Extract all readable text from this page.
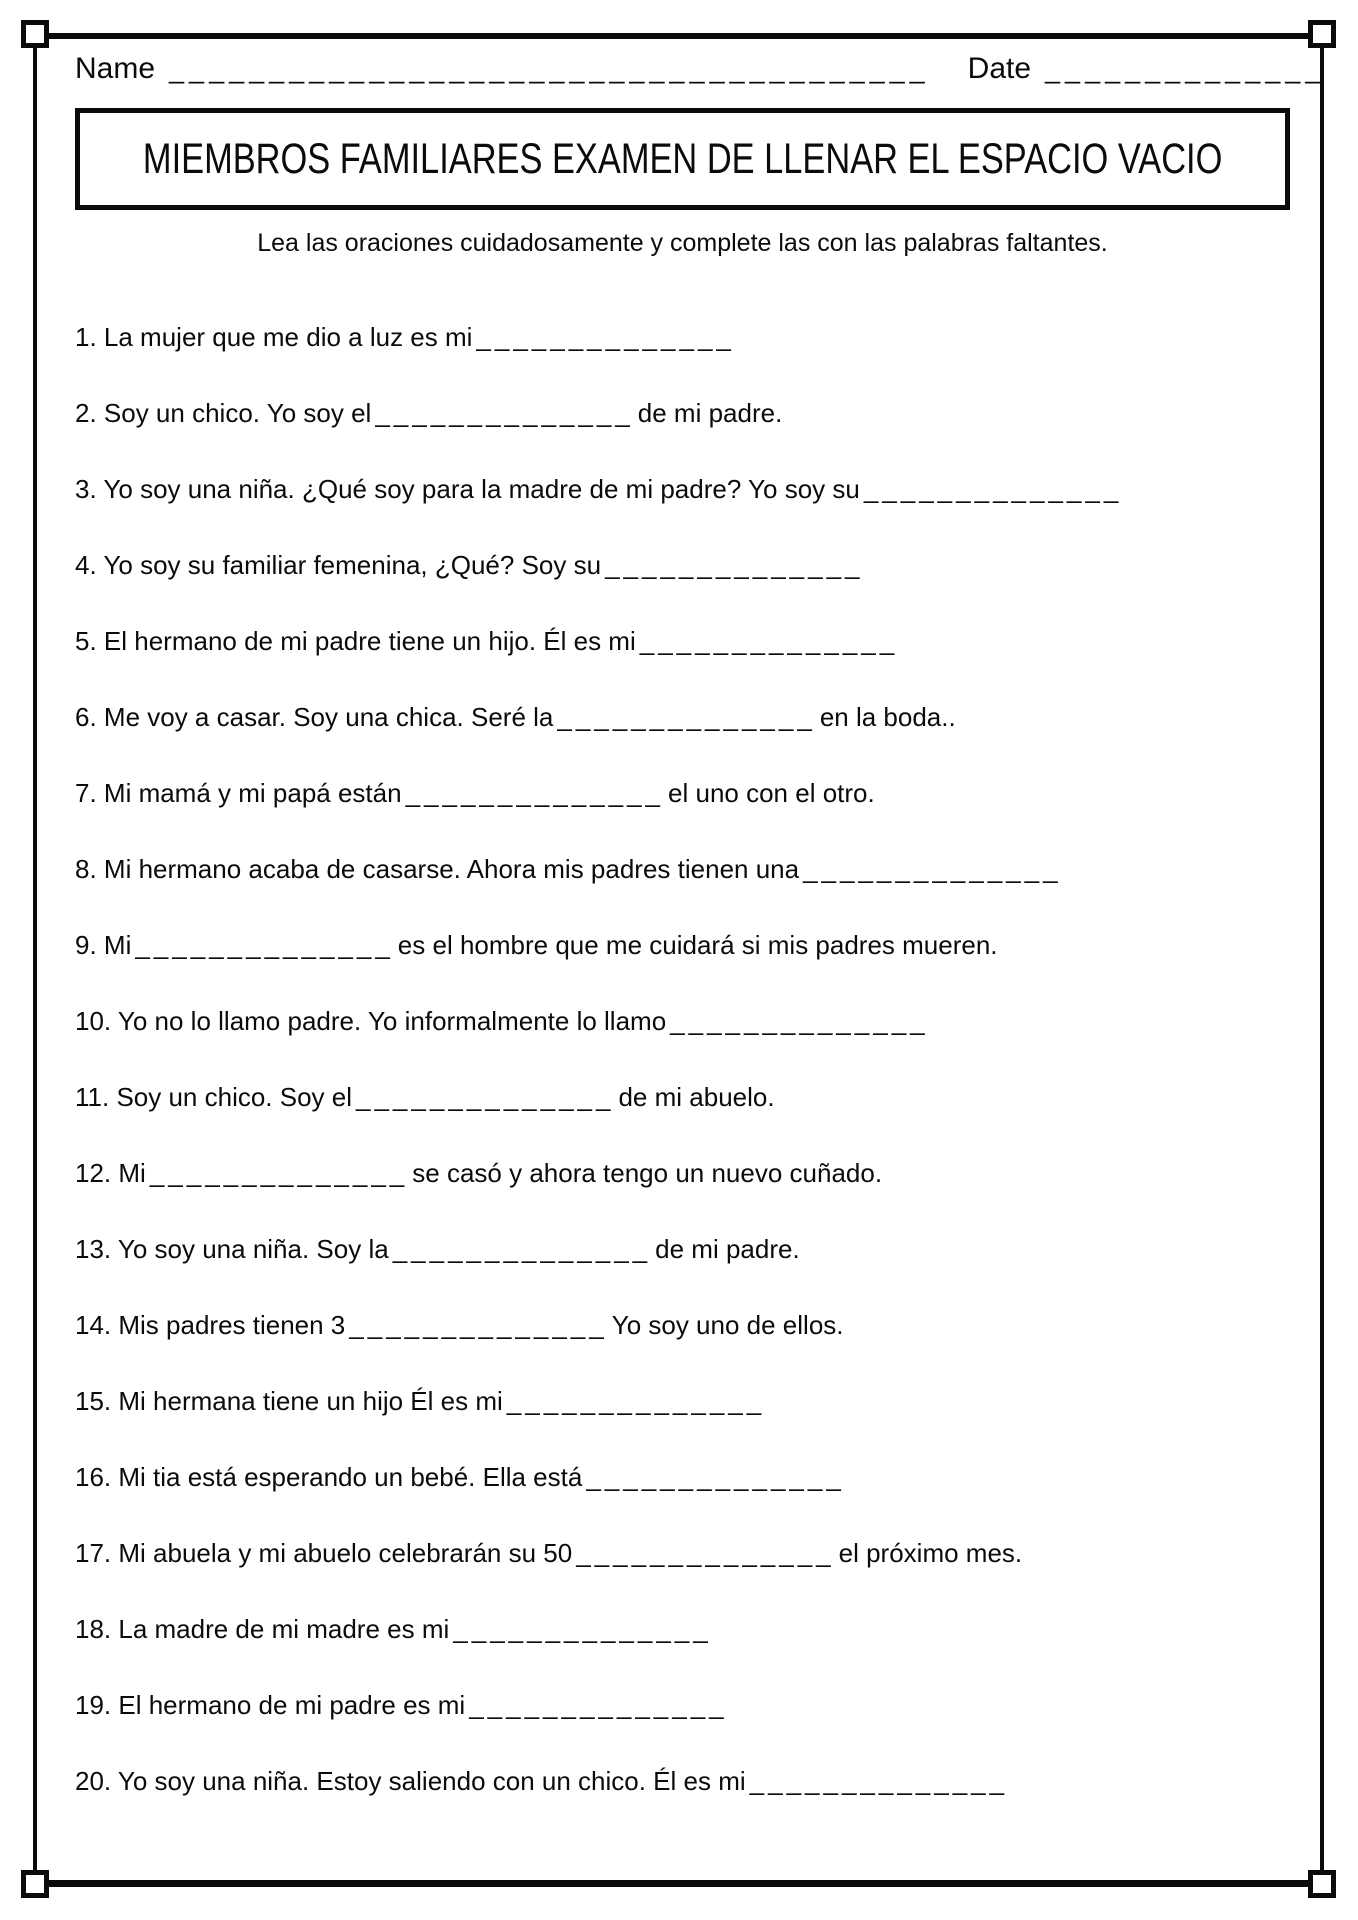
Name ______________________________________ Date ______________
MIEMBROS FAMILIARES EXAMEN DE LLENAR EL ESPACIO VACIO
Lea las oraciones cuidadosamente y complete las con las palabras faltantes.
1. La mujer que me dio a luz es mi ______________
2. Soy un chico. Yo soy el ______________ de mi padre.
3. Yo soy una niña. ¿Qué soy para la madre de mi padre? Yo soy su ______________
4. Yo soy su familiar femenina, ¿Qué? Soy su ______________
5. El hermano de mi padre tiene un hijo. Él es mi ______________
6. Me voy a casar. Soy una chica. Seré la ______________ en la boda..
7. Mi mamá y mi papá están ______________ el uno con el otro.
8. Mi hermano acaba de casarse. Ahora mis padres tienen una ______________
9. Mi ______________ es el hombre que me cuidará si mis padres mueren.
10. Yo no lo llamo padre. Yo informalmente lo llamo ______________
11. Soy un chico. Soy el ______________ de mi abuelo.
12. Mi ______________ se casó y ahora tengo un nuevo cuñado.
13. Yo soy una niña. Soy la ______________ de mi padre.
14. Mis padres tienen 3 ______________ Yo soy uno de ellos.
15. Mi hermana tiene un hijo Él es mi ______________
16. Mi tia está esperando un bebé. Ella está ______________
17. Mi abuela y mi abuelo celebrarán su 50 ______________ el próximo mes.
18. La madre de mi madre es mi ______________
19. El hermano de mi padre es mi ______________
20. Yo soy una niña. Estoy saliendo con un chico. Él es mi ______________
